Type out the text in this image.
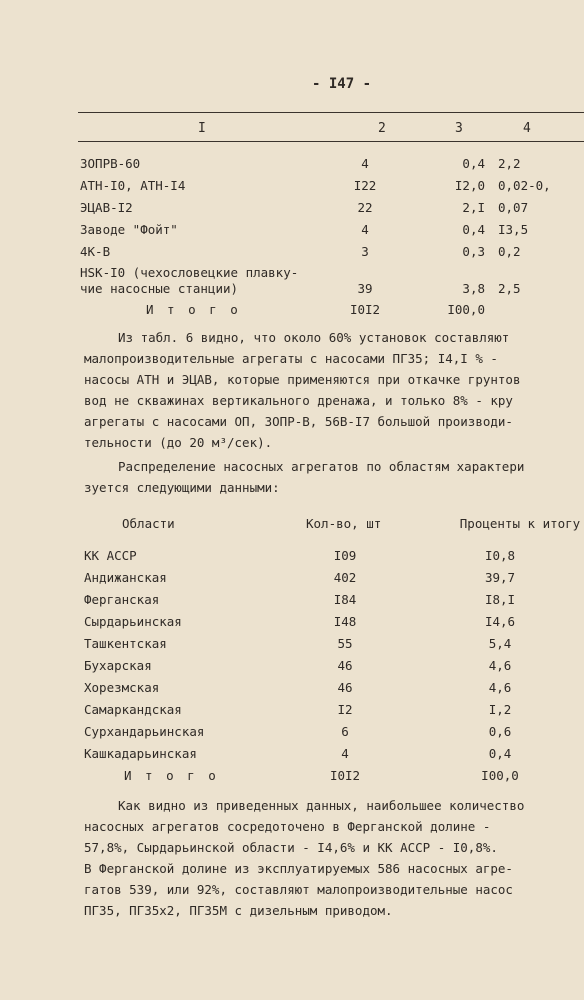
- I47 -
I	2	3	4
ЗОПРВ-60	4	0,4 2,2
АТН-I0, АТН-I4	I22	I2,0 0,02-0,
ЭЦАВ-I2	22	2,I 0,07
Заводе "Фойт"	4	0,4 I3,5
4К-В	3	0,3 0,2
HSK-I0 (чехословецкие плавку-
чие насосные станции)	39	3,8 2,5
И т о г о	I0I2	I00,0
Из табл. 6 видно, что около 60% установок составляют
малопроизводительные агрегаты с насосами ПГ35; I4,I % -
насосы АТН и ЭЦАВ, которые применяются при откачке грунтов
вод не скважинах вертикального дренажа, и только 8% - кру
агрегаты с насосами ОП, ЗОПР-В, 56В-I7 большой производи-
тельности (до 20 м³/сек).
Распределение насосных агрегатов по областям характери
зуется следующими данными:
Области	Кол-во, шт	Проценты к итогу
КК АССР	I09	I0,8
Андижанская	402	39,7
Ферганская	I84	I8,I
Сырдарьинская	I48	I4,6
Ташкентская	55	5,4
Бухарская	46	4,6
Хорезмская	46	4,6
Самаркандская	I2	I,2
Сурхандарьинская	6	0,6
Кашкадарьинская	4	0,4
И т о г о	I0I2	I00,0
Как видно из приведенных данных, наибольшее количество
насосных агрегатов сосредоточено в Ферганской долине -
57,8%, Сырдарьинской области - I4,6% и КК АССР - I0,8%.
В Ферганской долине из эксплуатируемых 586 насосных агре-
гатов 539, или 92%, составляют малопроизводительные насос
ПГ35, ПГ35х2, ПГ35М с дизельным приводом.
